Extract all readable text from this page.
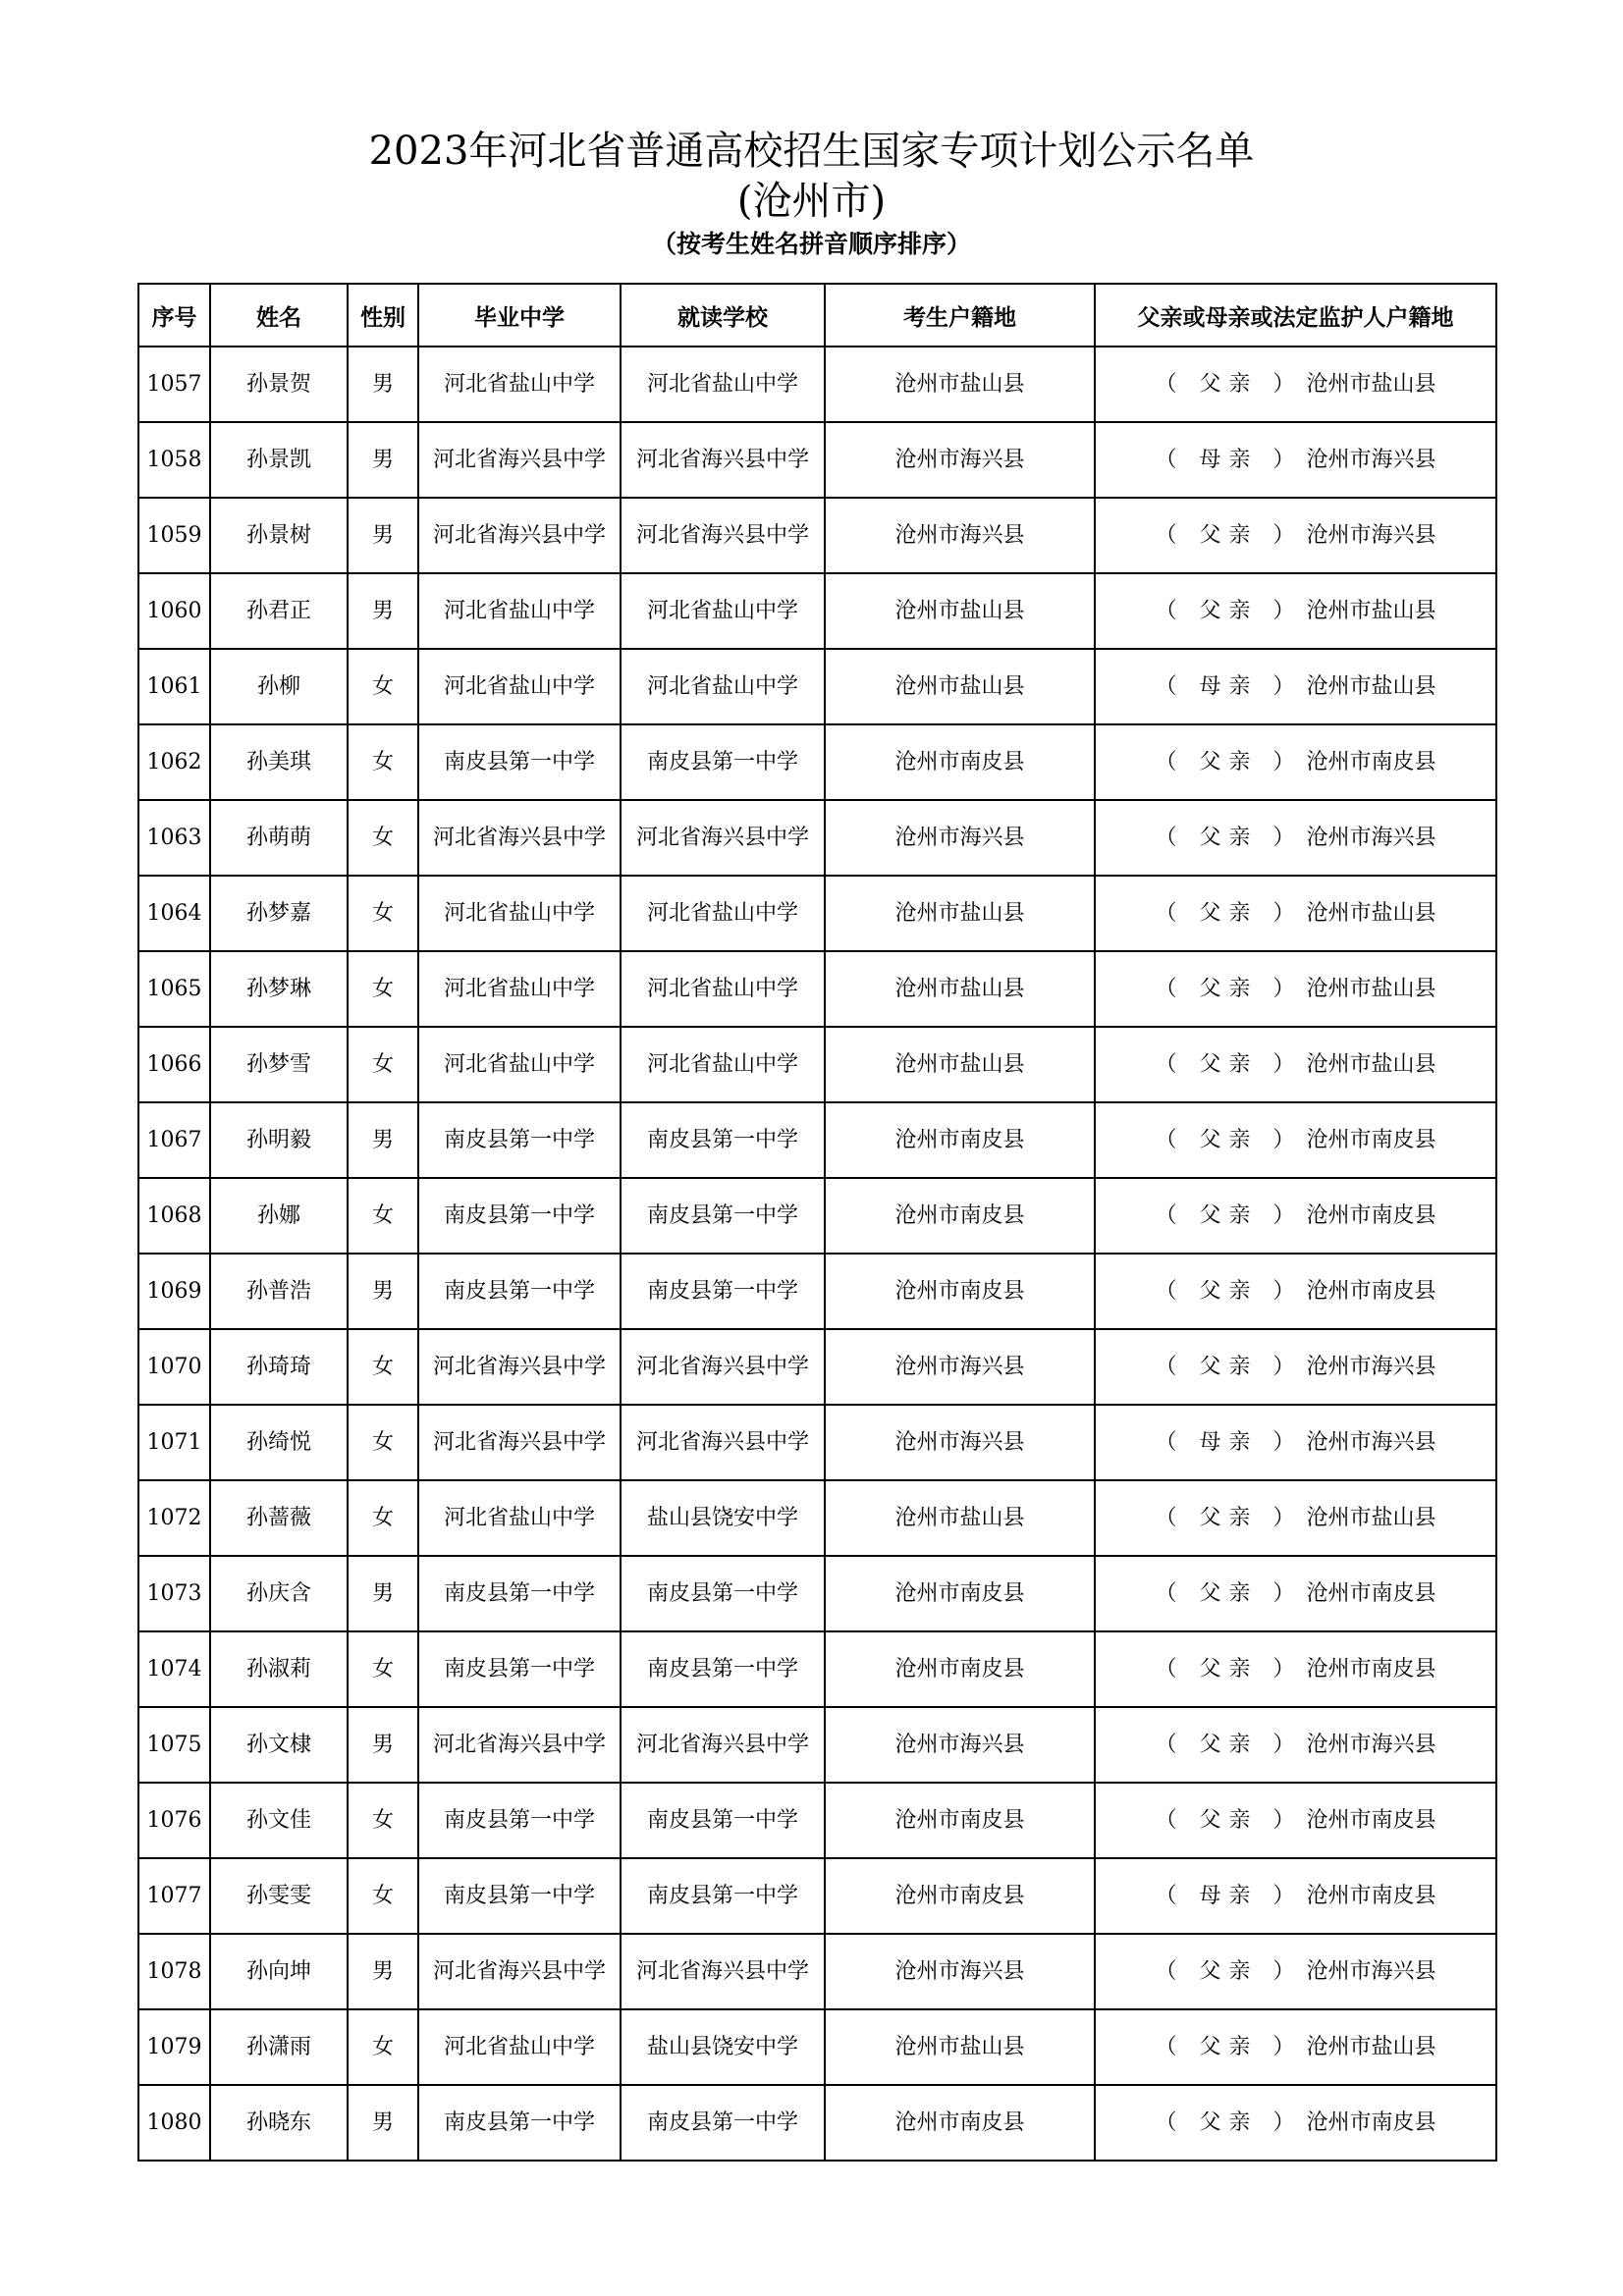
2023年河北省普通高校招生国家专项计划公示名单
(沧州市)
（按考生姓名拼音顺序排序）
序号	姓名	性别	毕业中学	就读学校	考生户籍地	父亲或母亲或法定监护人户籍地
1057	孙景贺	男	河北省盐山中学	河北省盐山中学	沧州市盐山县	（ 父亲 ） 沧州市盐山县
1058	孙景凯	男	河北省海兴县中学	河北省海兴县中学	沧州市海兴县	（ 母亲 ） 沧州市海兴县
1059	孙景树	男	河北省海兴县中学	河北省海兴县中学	沧州市海兴县	（ 父亲 ） 沧州市海兴县
1060	孙君正	男	河北省盐山中学	河北省盐山中学	沧州市盐山县	（ 父亲 ） 沧州市盐山县
1061	孙柳	女	河北省盐山中学	河北省盐山中学	沧州市盐山县	（ 母亲 ） 沧州市盐山县
1062	孙美琪	女	南皮县第一中学	南皮县第一中学	沧州市南皮县	（ 父亲 ） 沧州市南皮县
1063	孙萌萌	女	河北省海兴县中学	河北省海兴县中学	沧州市海兴县	（ 父亲 ） 沧州市海兴县
1064	孙梦嘉	女	河北省盐山中学	河北省盐山中学	沧州市盐山县	（ 父亲 ） 沧州市盐山县
1065	孙梦琳	女	河北省盐山中学	河北省盐山中学	沧州市盐山县	（ 父亲 ） 沧州市盐山县
1066	孙梦雪	女	河北省盐山中学	河北省盐山中学	沧州市盐山县	（ 父亲 ） 沧州市盐山县
1067	孙明毅	男	南皮县第一中学	南皮县第一中学	沧州市南皮县	（ 父亲 ） 沧州市南皮县
1068	孙娜	女	南皮县第一中学	南皮县第一中学	沧州市南皮县	（ 父亲 ） 沧州市南皮县
1069	孙普浩	男	南皮县第一中学	南皮县第一中学	沧州市南皮县	（ 父亲 ） 沧州市南皮县
1070	孙琦琦	女	河北省海兴县中学	河北省海兴县中学	沧州市海兴县	（ 父亲 ） 沧州市海兴县
1071	孙绮悦	女	河北省海兴县中学	河北省海兴县中学	沧州市海兴县	（ 母亲 ） 沧州市海兴县
1072	孙蔷薇	女	河北省盐山中学	盐山县饶安中学	沧州市盐山县	（ 父亲 ） 沧州市盐山县
1073	孙庆含	男	南皮县第一中学	南皮县第一中学	沧州市南皮县	（ 父亲 ） 沧州市南皮县
1074	孙淑莉	女	南皮县第一中学	南皮县第一中学	沧州市南皮县	（ 父亲 ） 沧州市南皮县
1075	孙文棣	男	河北省海兴县中学	河北省海兴县中学	沧州市海兴县	（ 父亲 ） 沧州市海兴县
1076	孙文佳	女	南皮县第一中学	南皮县第一中学	沧州市南皮县	（ 父亲 ） 沧州市南皮县
1077	孙雯雯	女	南皮县第一中学	南皮县第一中学	沧州市南皮县	（ 母亲 ） 沧州市南皮县
1078	孙向坤	男	河北省海兴县中学	河北省海兴县中学	沧州市海兴县	（ 父亲 ） 沧州市海兴县
1079	孙潇雨	女	河北省盐山中学	盐山县饶安中学	沧州市盐山县	（ 父亲 ） 沧州市盐山县
1080	孙晓东	男	南皮县第一中学	南皮县第一中学	沧州市南皮县	（ 父亲 ） 沧州市南皮县
